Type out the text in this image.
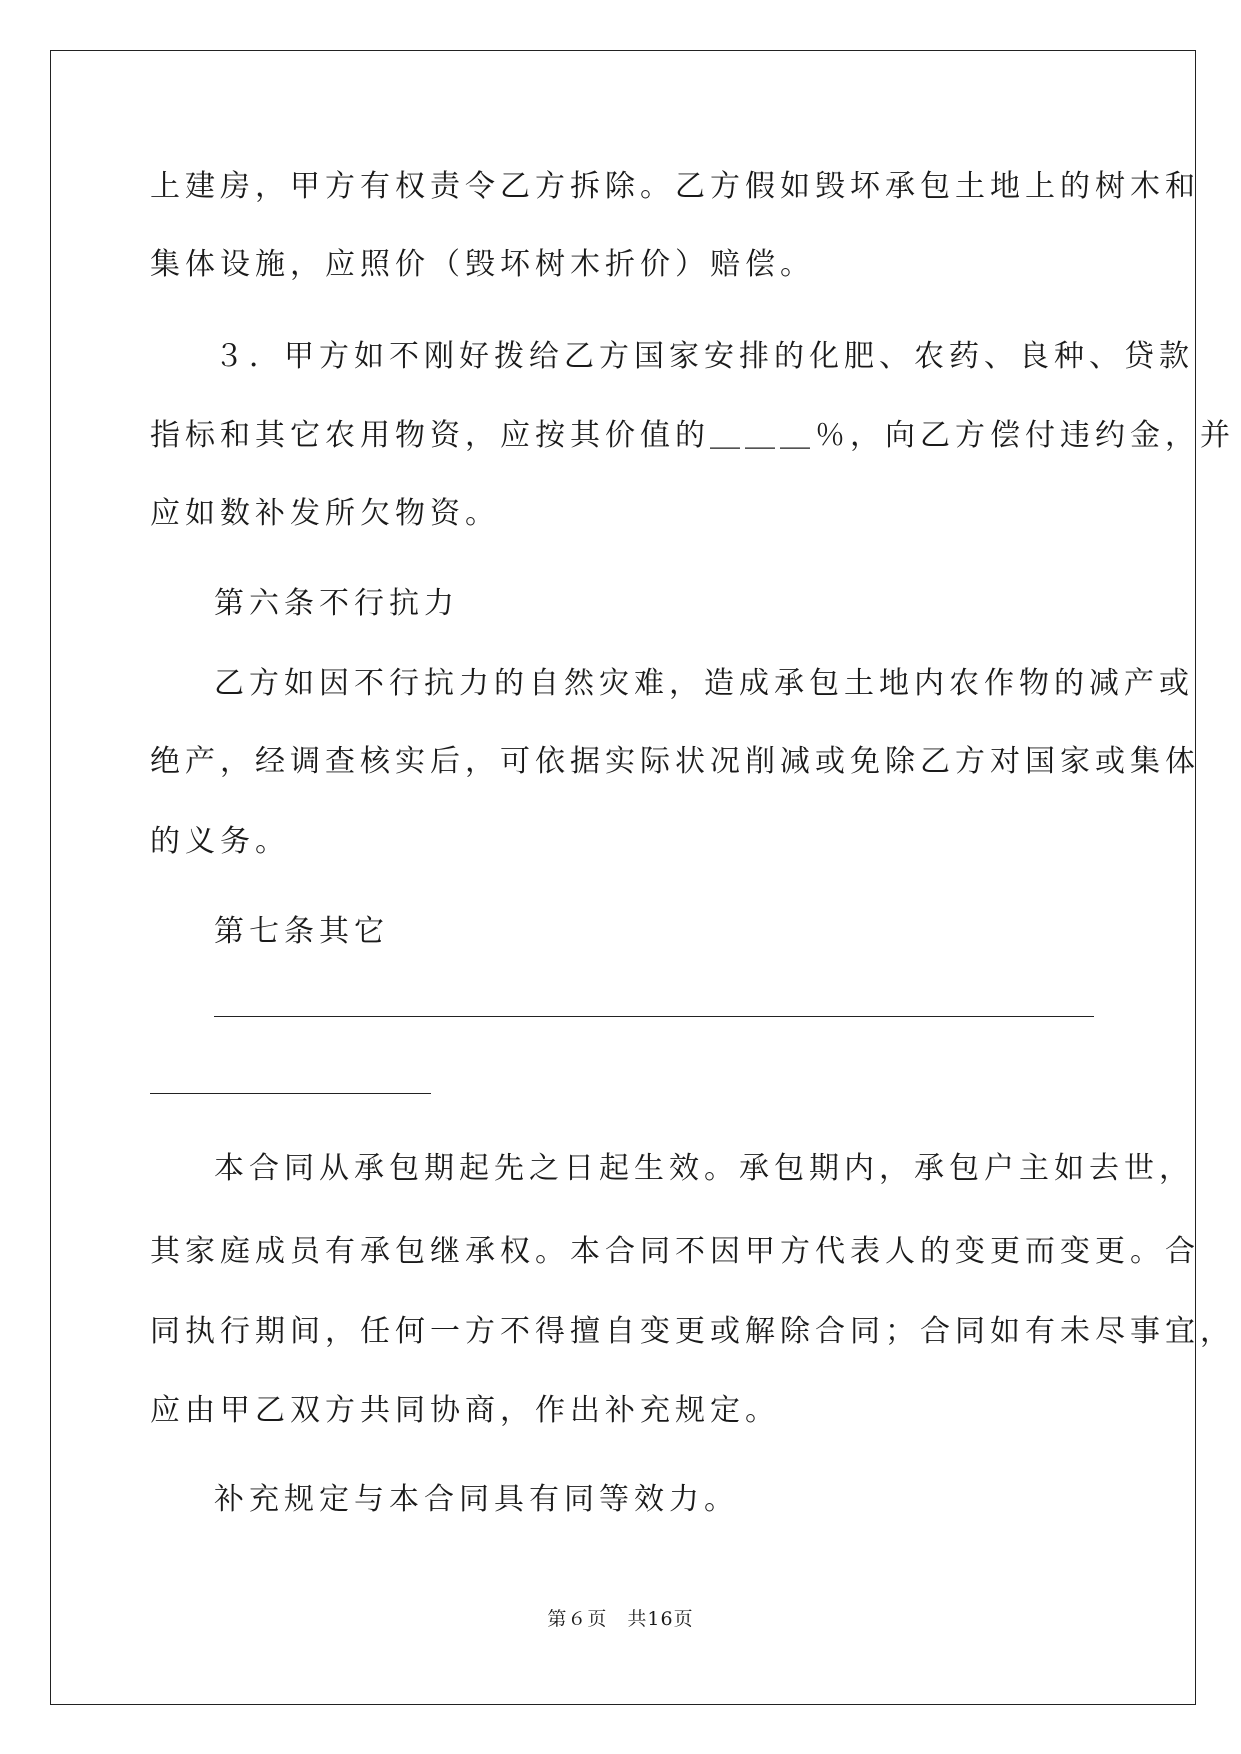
上建房，甲方有权责令乙方拆除。乙方假如毁坏承包土地上的树木和
集体设施，应照价（毁坏树木折价）赔偿。
３．甲方如不刚好拨给乙方国家安排的化肥、农药、良种、贷款
指标和其它农用物资，应按其价值的＿＿＿％，向乙方偿付违约金，并
应如数补发所欠物资。
第六条不行抗力
乙方如因不行抗力的自然灾难，造成承包土地内农作物的减产或
绝产，经调查核实后，可依据实际状况削减或免除乙方对国家或集体
的义务。
第七条其它
本合同从承包期起先之日起生效。承包期内，承包户主如去世，
其家庭成员有承包继承权。本合同不因甲方代表人的变更而变更。合
同执行期间，任何一方不得擅自变更或解除合同；合同如有未尽事宜，
应由甲乙双方共同协商，作出补充规定。
补充规定与本合同具有同等效力。
第６页　共16页
